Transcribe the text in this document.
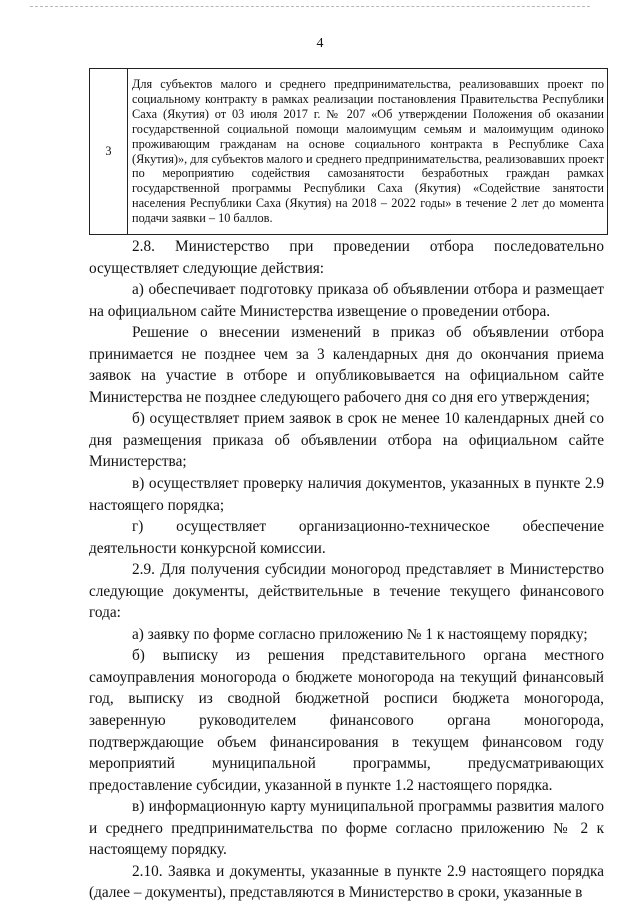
4
3	Для субъектов малого и среднего предпринимательства, реализовавших проект по социальному контракту в рамках реализации постановления Правительства Республики Саха (Якутия) от 03 июля 2017 г. № 207 «Об утверждении Положения об оказании государственной социальной помощи малоимущим семьям и малоимущим одиноко проживающим гражданам на основе социального контракта в Республике Саха (Якутия)», для субъектов малого и среднего предпринимательства, реализовавших проект по мероприятию содействия самозанятости безработных граждан рамках государственной программы Республики Саха (Якутия) «Содействие занятости населения Республики Саха (Якутия) на 2018 – 2022 годы» в течение 2 лет до момента подачи заявки – 10 баллов.

2.8. Министерство при проведении отбора последовательно осуществляет следующие действия:

а) обеспечивает подготовку приказа об объявлении отбора и размещает на официальном сайте Министерства извещение о проведении отбора.

Решение о внесении изменений в приказ об объявлении отбора принимается не позднее чем за 3 календарных дня до окончания приема заявок на участие в отборе и опубликовывается на официальном сайте Министерства не позднее следующего рабочего дня со дня его утверждения;

б) осуществляет прием заявок в срок не менее 10 календарных дней со дня размещения приказа об объявлении отбора на официальном сайте Министерства;

в) осуществляет проверку наличия документов, указанных в пункте 2.9 настоящего порядка;

г) осуществляет организационно-техническое обеспечение деятельности конкурсной комиссии.

2.9. Для получения субсидии моногород представляет в Министерство следующие документы, действительные в течение текущего финансового года:

а) заявку по форме согласно приложению № 1 к настоящему порядку;

б) выписку из решения представительного органа местного самоуправления моногорода о бюджете моногорода на текущий финансовый год, выписку из сводной бюджетной росписи бюджета моногорода, заверенную руководителем финансового органа моногорода, подтверждающие объем финансирования в текущем финансовом году мероприятий муниципальной программы, предусматривающих предоставление субсидии, указанной в пункте 1.2 настоящего порядка.

в) информационную карту муниципальной программы развития малого и среднего предпринимательства по форме согласно приложению № 2 к настоящему порядку.

2.10. Заявка и документы, указанные в пункте 2.9 настоящего порядка (далее – документы), представляются в Министерство в сроки, указанные в
